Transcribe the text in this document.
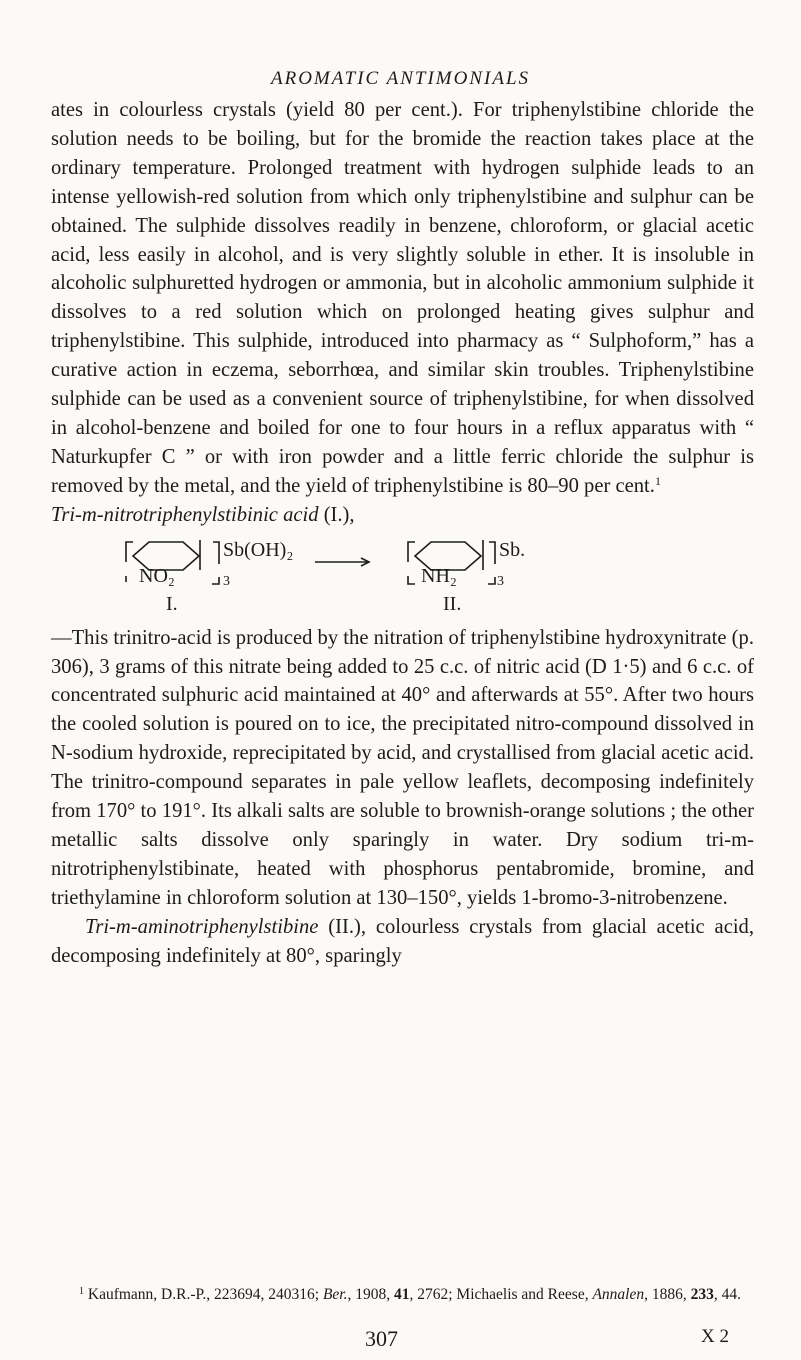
AROMATIC ANTIMONIALS

ates in colourless crystals (yield 80 per cent.). For triphenylstibine chloride the solution needs to be boiling, but for the bromide the reaction takes place at the ordinary temperature. Prolonged treatment with hydrogen sulphide leads to an intense yellowish-red solution from which only triphenylstibine and sulphur can be obtained. The sulphide dissolves readily in benzene, chloroform, or glacial acetic acid, less easily in alcohol, and is very slightly soluble in ether. It is insoluble in alcoholic sulphuretted hydrogen or ammonia, but in alcoholic ammonium sulphide it dissolves to a red solution which on prolonged heating gives sulphur and triphenylstibine. This sulphide, introduced into pharmacy as “ Sulphoform,” has a curative action in eczema, seborrhœa, and similar skin troubles. Triphenylstibine sulphide can be used as a convenient source of triphenylstibine, for when dissolved in alcohol-benzene and boiled for one to four hours in a reflux apparatus with “ Naturkupfer C ” or with iron powder and a little ferric chloride the sulphur is removed by the metal, and the yield of triphenylstibine is 80–90 per cent.$^1$

Tri-m-nitrotriphenylstibinic acid (I.),

Sb(OH)₂
NO₂	3
I.
Sb.
NH₂	3
II.

—This trinitro-acid is produced by the nitration of triphenylstibine hydroxynitrate (p. 306), 3 grams of this nitrate being added to 25 c.c. of nitric acid (D 1·5) and 6 c.c. of concentrated sulphuric acid maintained at 40° and afterwards at 55°. After two hours the cooled solution is poured on to ice, the precipitated nitro-compound dissolved in N-sodium hydroxide, reprecipitated by acid, and crystallised from glacial acetic acid. The trinitro-compound separates in pale yellow leaflets, decomposing indefinitely from 170° to 191°. Its alkali salts are soluble to brownish-orange solutions ; the other metallic salts dissolve only sparingly in water. Dry sodium tri-m-nitrotriphenylstibinate, heated with phosphorus pentabromide, bromine, and triethylamine in chloroform solution at 130–150°, yields 1-bromo-3-nitrobenzene.

Tri-m-aminotriphenylstibine (II.), colourless crystals from glacial acetic acid, decomposing indefinitely at 80°, sparingly

$^1$ Kaufmann, D.R.-P., 223694, 240316; Ber., 1908, 41, 2762; Michaelis and Reese, Annalen, 1886, 233, 44.

307	X 2
